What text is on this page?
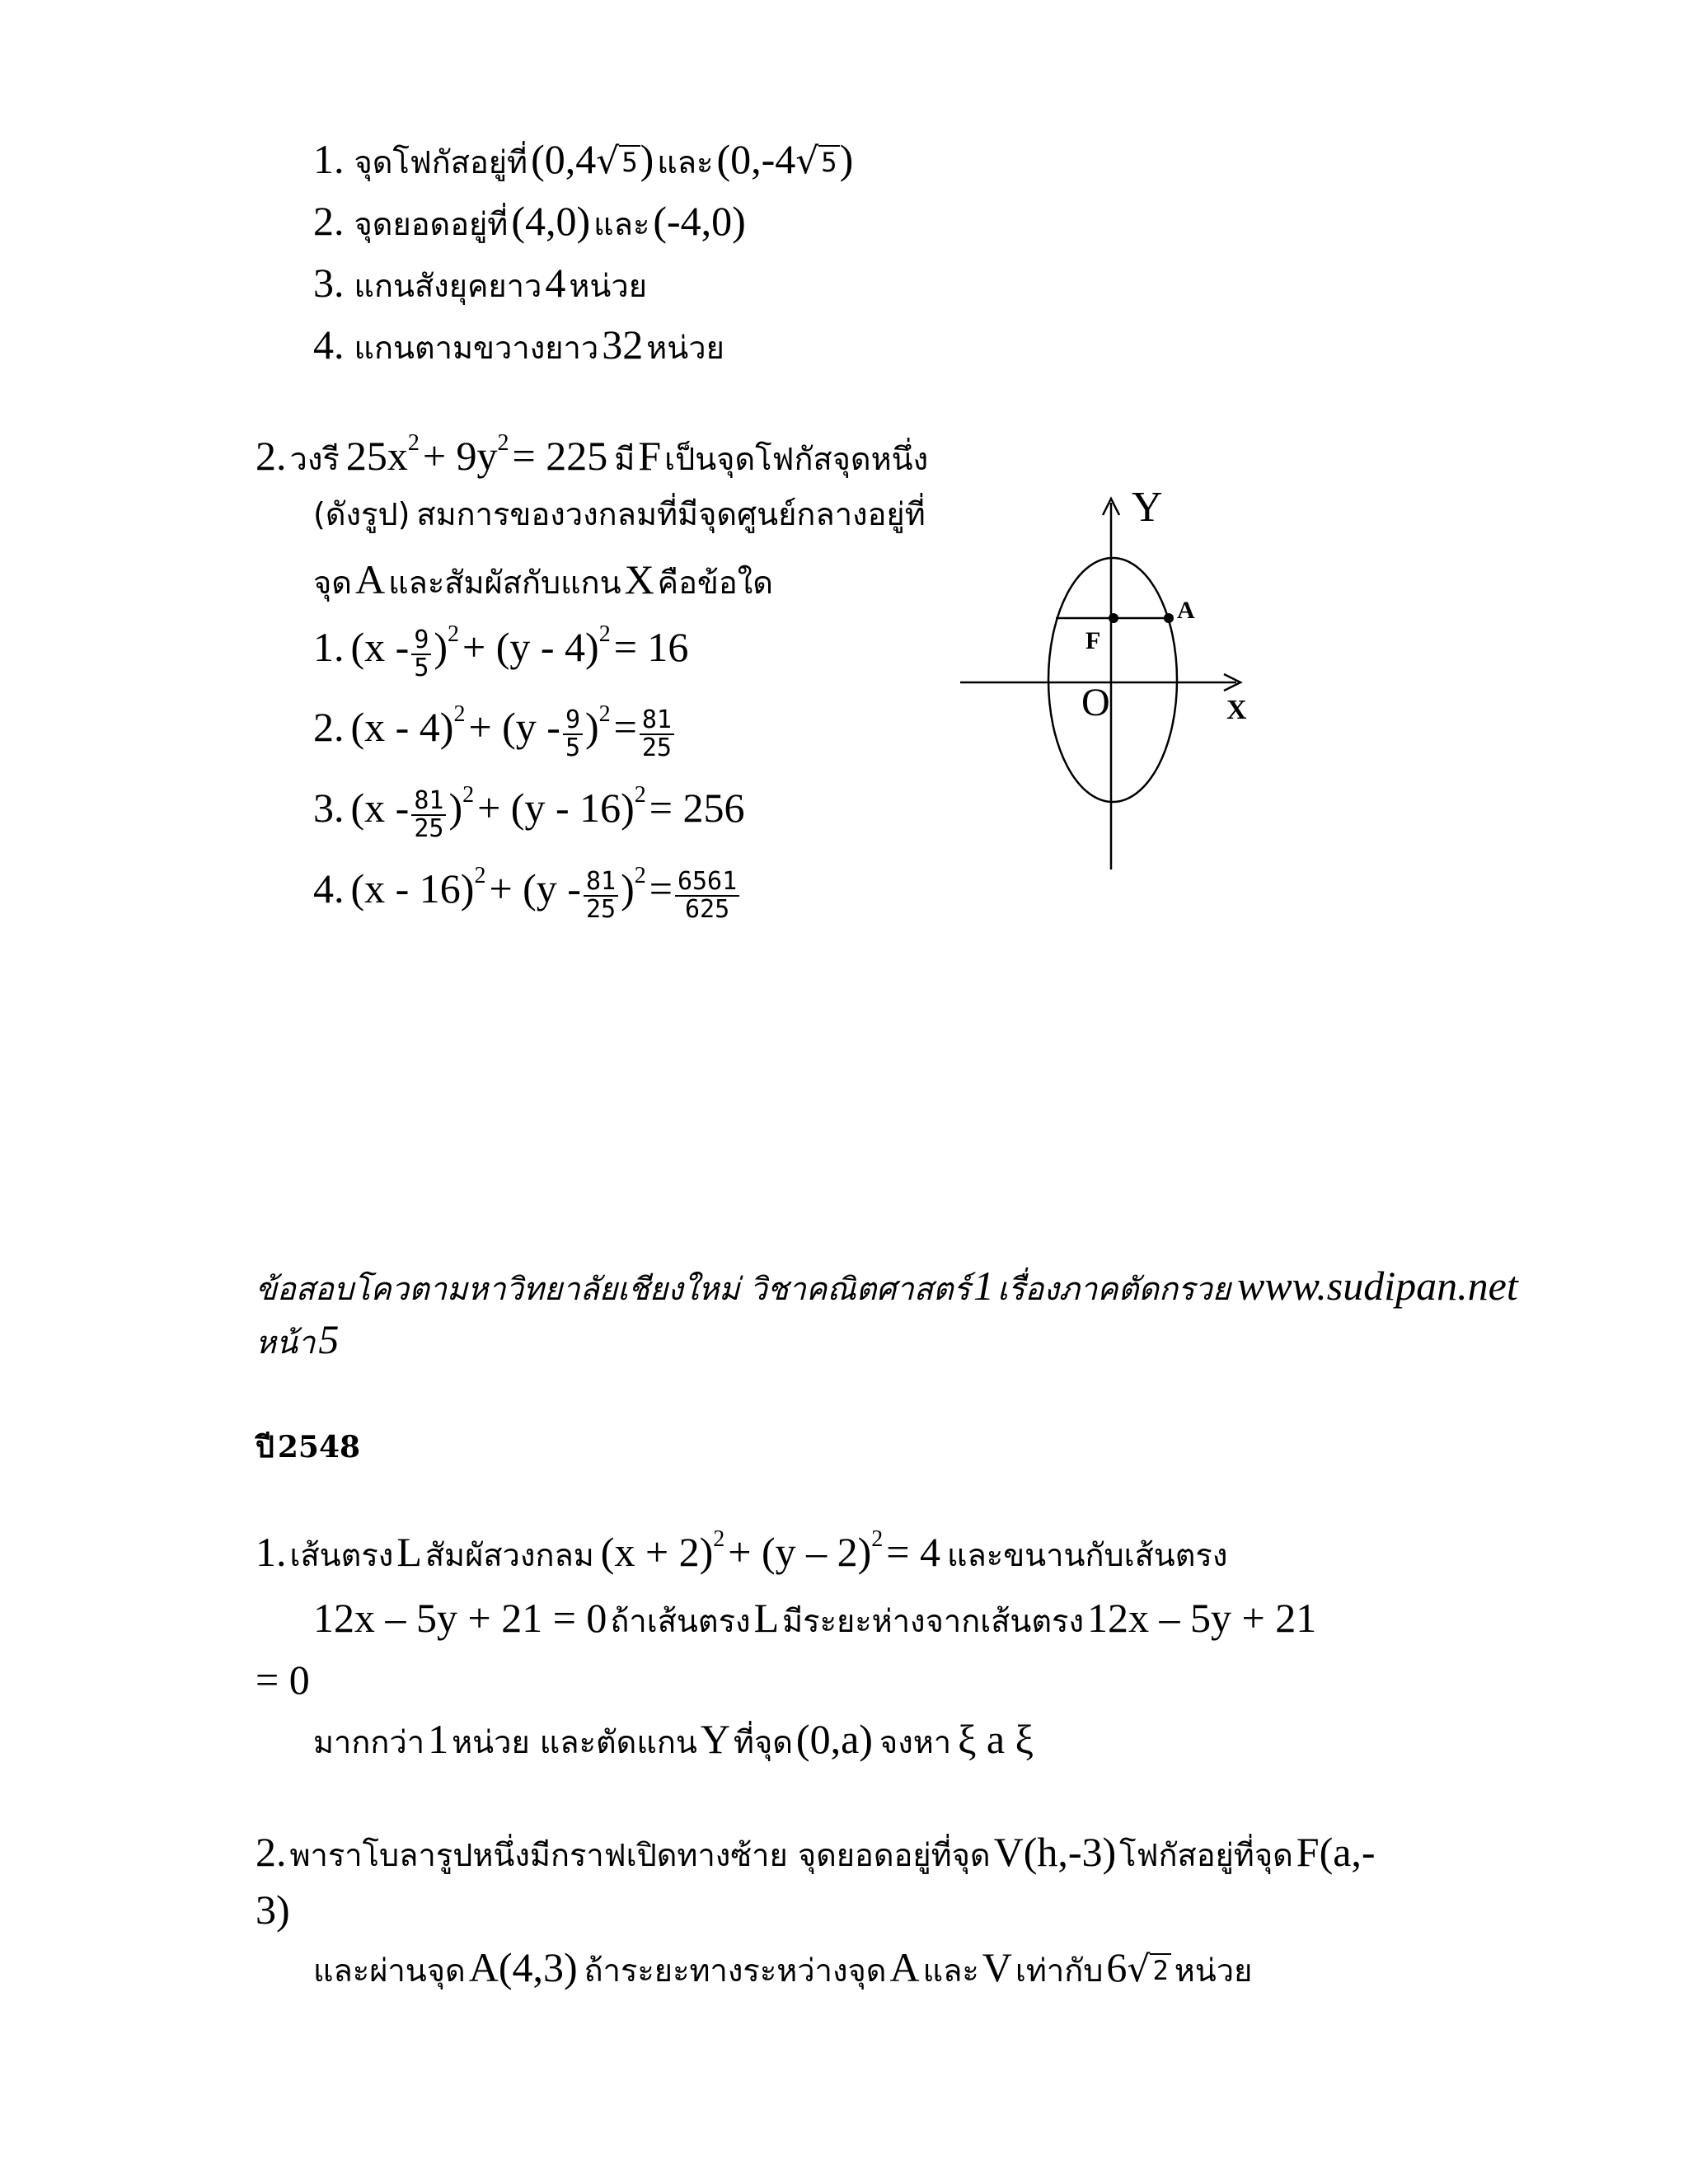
1. จุดโฟกัสอยู่ที่ (0,4√5) และ (0,-4√5)
2. จุดยอดอยู่ที่ (4,0) และ (-4,0)
3. แกนสังยุคยาว 4 หน่วย
4. แกนตามขวางยาว 32 หน่วย
2. วงรี 25x2 + 9y2 = 225 มี F เป็นจุดโฟกัสจุดหนึ่ง
(ดังรูป) สมการของวงกลมที่มีจุดศูนย์กลางอยู่ที่
จุด A และสัมผัสกับแกน X คือข้อใด
1. $(x - \frac{9}{5} )2 + (y - 4)2 = 16$
2. $(x - 4)2 + (y - \frac{9}{5} )2 = \frac{81}{25}$
3. $(x - \frac{81}{25} )2 + (y - 16)2 = 256$
4. $(x - 16)2 + (y - \frac{81}{25} )2 = \frac{6561}{625}$
Y
X
O
F
A
ข้อสอบโควตามหาวิทยาลัยเชียงใหม่ วิชาคณิตศาสตร์ 1 เรื่องภาคตัดกรวย www.sudipan.net
หน้า 5
ปี 2548
1. เส้นตรง L สัมผัสวงกลม (x + 2)2 + (y – 2)2 = 4 และขนานกับเส้นตรง
12x – 5y + 21 = 0 ถ้าเส้นตรง L มีระยะห่างจากเส้นตรง 12x – 5y + 21
= 0
มากกว่า 1 หน่วย และตัดแกน Y ที่จุด (0,a) จงหา ξ a ξ
2. พาราโบลารูปหนึ่งมีกราฟเปิดทางซ้าย จุดยอดอยู่ที่จุด V(h,-3) โฟกัสอยู่ที่จุด F(a,-
3)
และผ่านจุด A(4,3) ถ้าระยะทางระหว่างจุด A และ V เท่ากับ 6√2 หน่วย
